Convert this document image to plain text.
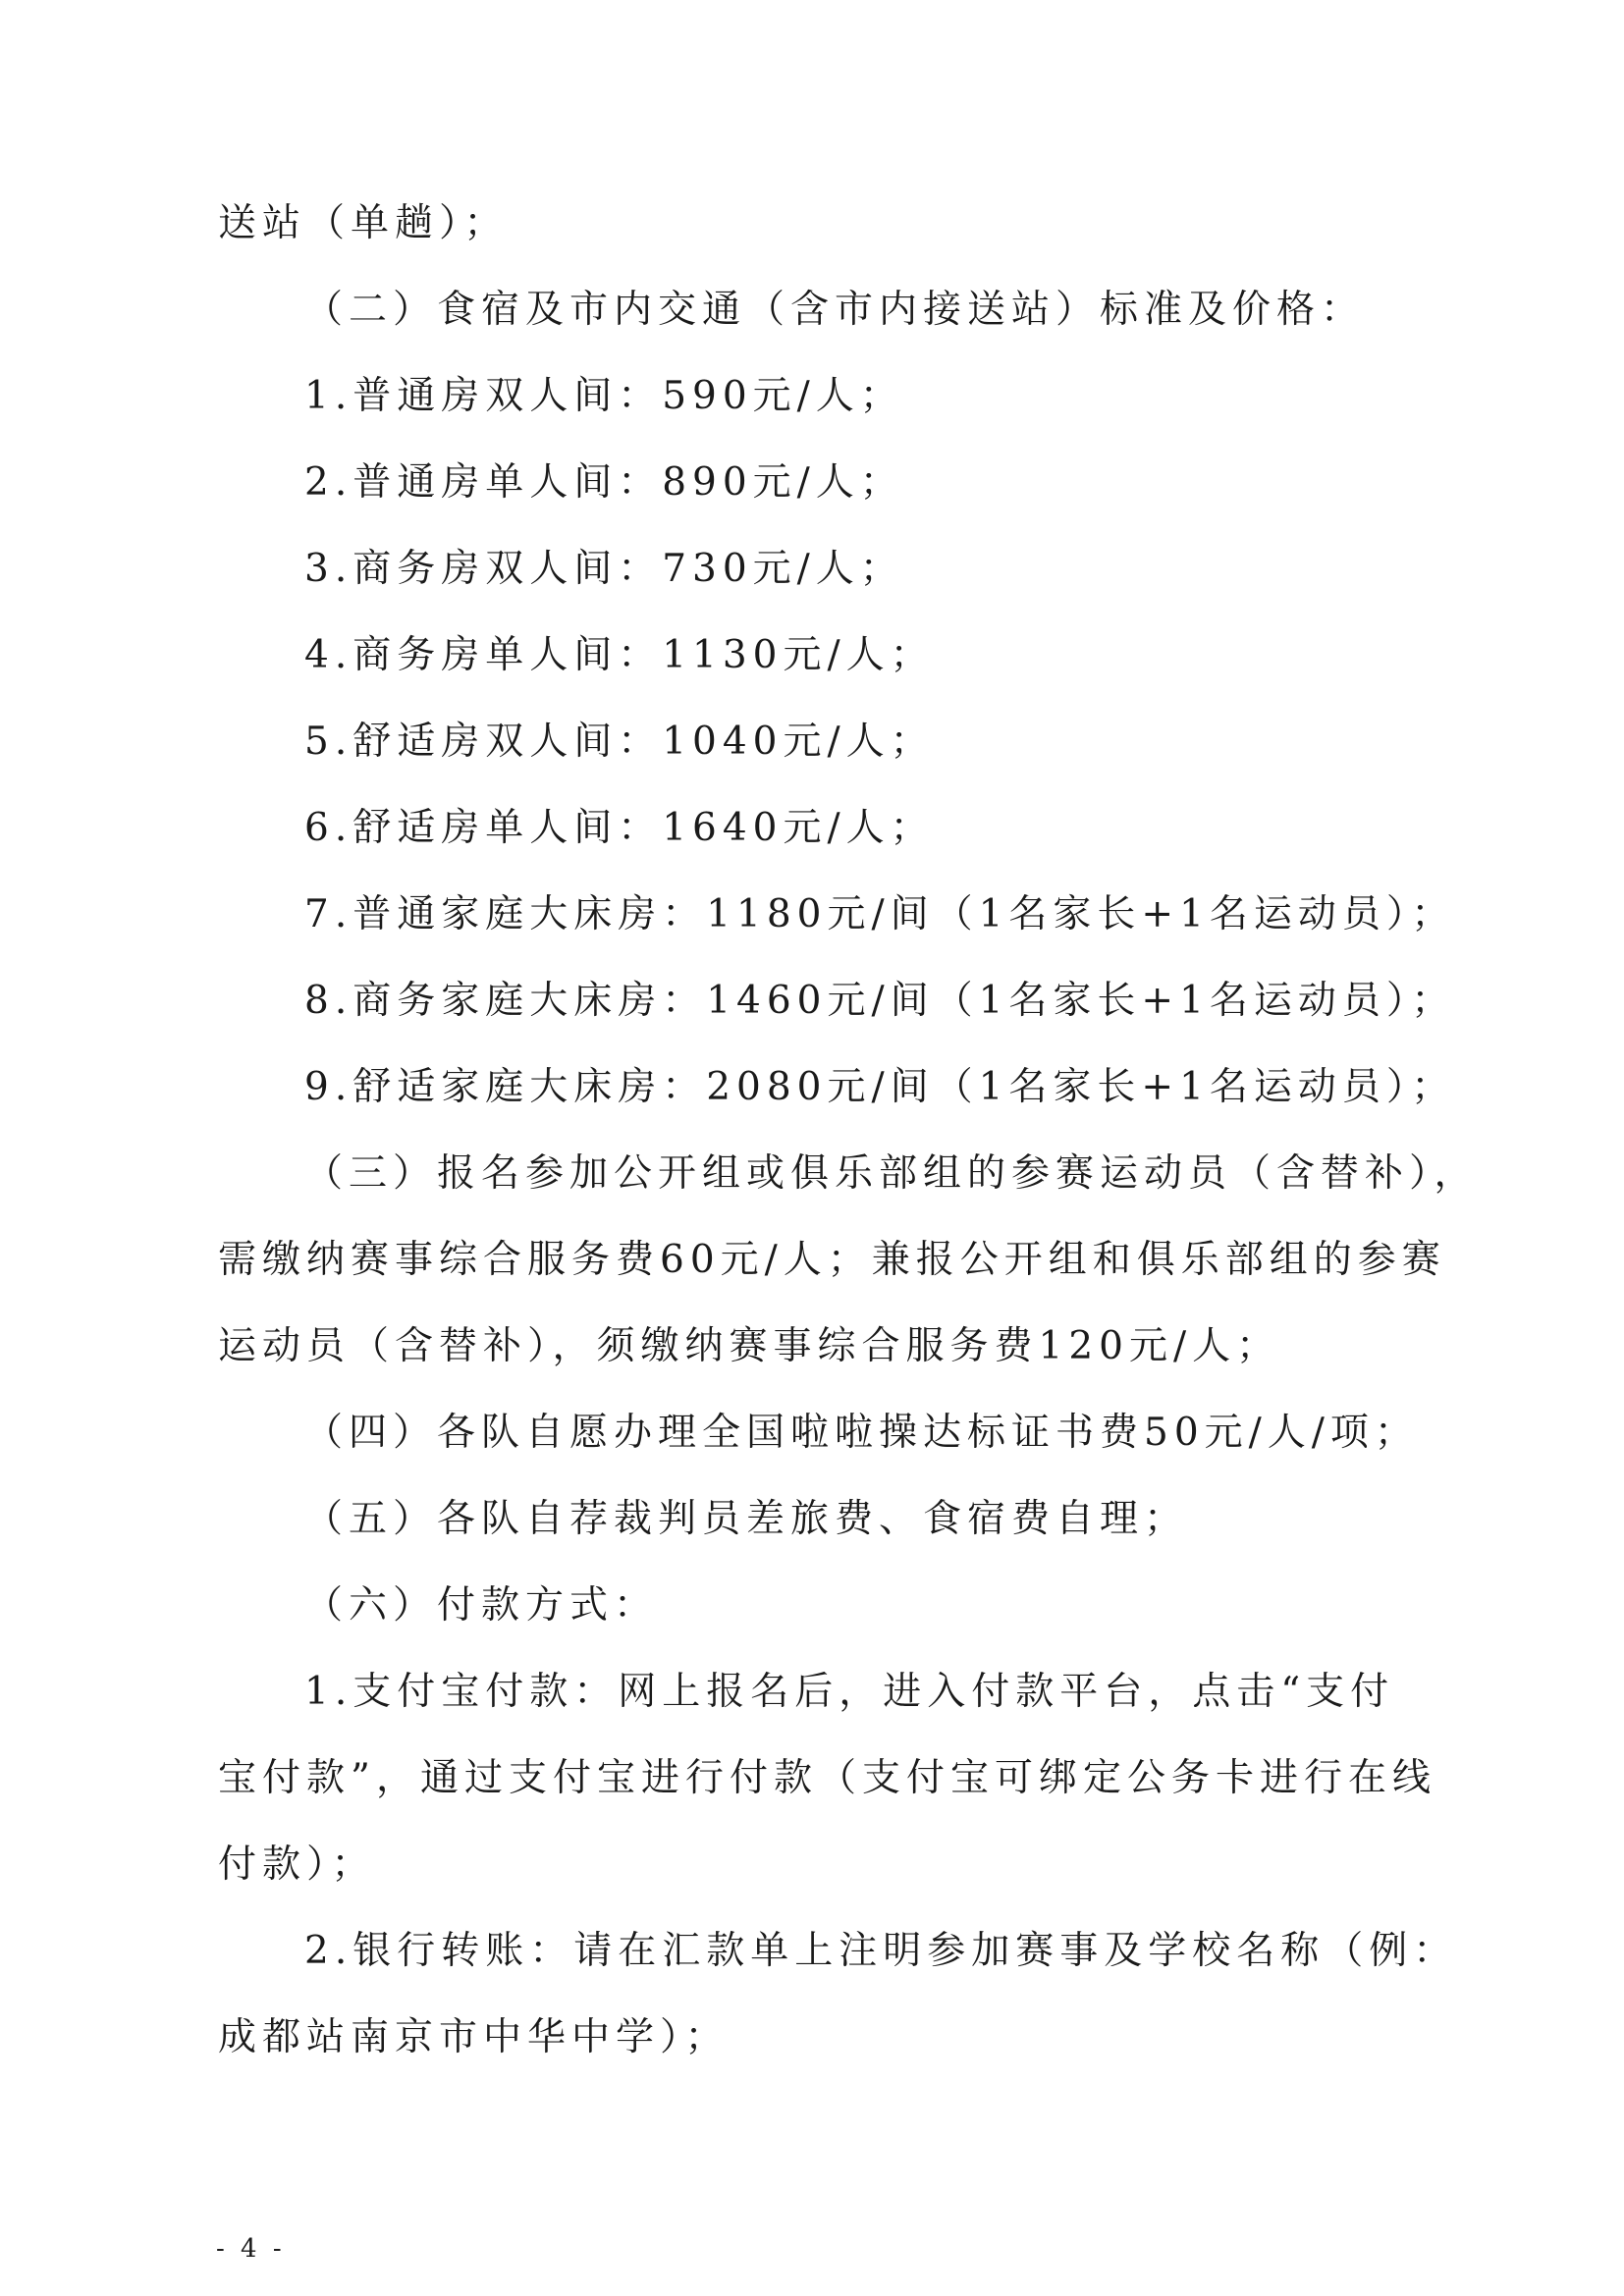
送站（单趟）；

（二）食宿及市内交通（含市内接送站）标准及价格：

1.普通房双人间：590元/人；

2.普通房单人间：890元/人；

3.商务房双人间：730元/人；

4.商务房单人间：1130元/人；

5.舒适房双人间：1040元/人；

6.舒适房单人间：1640元/人；

7.普通家庭大床房：1180元/间（1名家长+1名运动员）；

8.商务家庭大床房：1460元/间（1名家长+1名运动员）；

9.舒适家庭大床房：2080元/间（1名家长+1名运动员）；

（三）报名参加公开组或俱乐部组的参赛运动员（含替补），

需缴纳赛事综合服务费60元/人；兼报公开组和俱乐部组的参赛

运动员（含替补），须缴纳赛事综合服务费120元/人；

（四）各队自愿办理全国啦啦操达标证书费50元/人/项；

（五）各队自荐裁判员差旅费、食宿费自理；

（六）付款方式：

1.支付宝付款：网上报名后，进入付款平台，点击“支付

宝付款”，通过支付宝进行付款（支付宝可绑定公务卡进行在线

付款）；

2.银行转账：请在汇款单上注明参加赛事及学校名称（例：

成都站南京市中华中学）；

- 4 -
